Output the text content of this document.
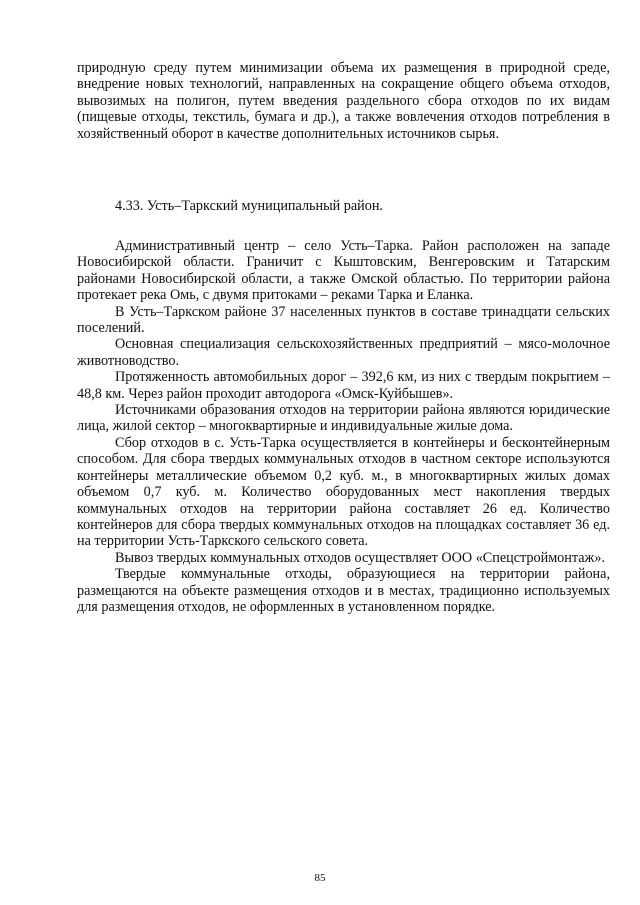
природную среду путем минимизации объема их размещения в природной среде, внедрение новых технологий, направленных на сокращение общего объема отходов, вывозимых на полигон, путем введения раздельного сбора отходов по их видам (пищевые отходы, текстиль, бумага и др.), а также вовлечения отходов потребления в хозяйственный оборот в качестве дополнительных источников сырья.

4.33. Усть–Таркский муниципальный район.

Административный центр – село Усть–Тарка. Район расположен на западе Новосибирской области. Граничит с Кыштовским, Венгеровским и Татарским районами Новосибирской области, а также Омской областью. По территории района протекает река Омь, с двумя притоками – реками Тарка и Еланка.

В Усть–Таркском районе 37 населенных пунктов в составе тринадцати сельских поселений.

Основная специализация сельскохозяйственных предприятий – мясо-молочное животноводство.

Протяженность автомобильных дорог – 392,6 км, из них с твердым покрытием – 48,8 км. Через район проходит автодорога «Омск-Куйбышев».

Источниками образования отходов на территории района являются юридические лица, жилой сектор – многоквартирные и индивидуальные жилые дома.

Сбор отходов в с. Усть-Тарка осуществляется в контейнеры и бесконтейнерным способом. Для сбора твердых коммунальных отходов в частном секторе используются контейнеры металлические объемом 0,2 куб. м., в многоквартирных жилых домах объемом 0,7 куб. м. Количество оборудованных мест накопления твердых коммунальных отходов на территории района составляет 26 ед. Количество контейнеров для сбора твердых коммунальных отходов на площадках составляет 36 ед. на территории Усть-Таркского сельского совета.

Вывоз твердых коммунальных отходов осуществляет ООО «Спецстроймонтаж».

Твердые коммунальные отходы, образующиеся на территории района, размещаются на объекте размещения отходов и в местах, традиционно используемых для размещения отходов, не оформленных в установленном порядке.

85
